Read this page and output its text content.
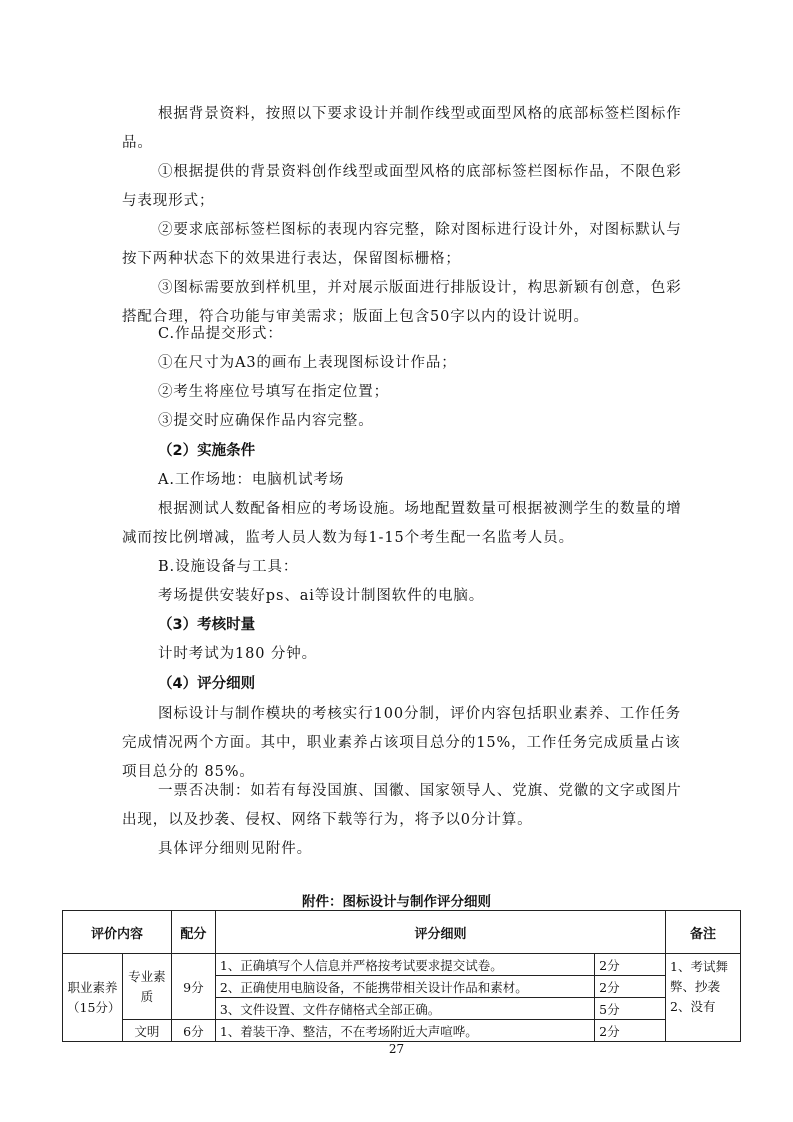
根据背景资料，按照以下要求设计并制作线型或面型风格的底部标签栏图标作品。

①根据提供的背景资料创作线型或面型风格的底部标签栏图标作品，不限色彩与表现形式；

②要求底部标签栏图标的表现内容完整，除对图标进行设计外，对图标默认与按下两种状态下的效果进行表达，保留图标栅格；

③图标需要放到样机里，并对展示版面进行排版设计，构思新颖有创意，色彩搭配合理，符合功能与审美需求；版面上包含50字以内的设计说明。

C.作品提交形式：

①在尺寸为A3的画布上表现图标设计作品；

②考生将座位号填写在指定位置；

③提交时应确保作品内容完整。

（2）实施条件

A.工作场地：电脑机试考场

根据测试人数配备相应的考场设施。场地配置数量可根据被测学生的数量的增减而按比例增减，监考人员人数为每1-15个考生配一名监考人员。

B.设施设备与工具：

考场提供安装好ps、ai等设计制图软件的电脑。

（3）考核时量

计时考试为180 分钟。

（4）评分细则

图标设计与制作模块的考核实行100分制，评价内容包括职业素养、工作任务完成情况两个方面。其中，职业素养占该项目总分的15%，工作任务完成质量占该项目总分的 85%。

一票否决制：如若有每没国旗、国徽、国家领导人、党旗、党徽的文字或图片出现，以及抄袭、侵权、网络下载等行为，将予以0分计算。

具体评分细则见附件。

附件：图标设计与制作评分细则
评价内容		配分	评分细则		备注
职业素养（15分）	专业素质	9分	1、正确填写个人信息并严格按考试要求提交试卷。	2分	1、考试舞弊、抄袭2、没有
			2、正确使用电脑设备，不能携带相关设计作品和素材。	2分	
			3、文件设置、文件存储格式全部正确。	5分	
	文明	6分	1、着装干净、整洁，不在考场附近大声喧哗。	2分	
27
